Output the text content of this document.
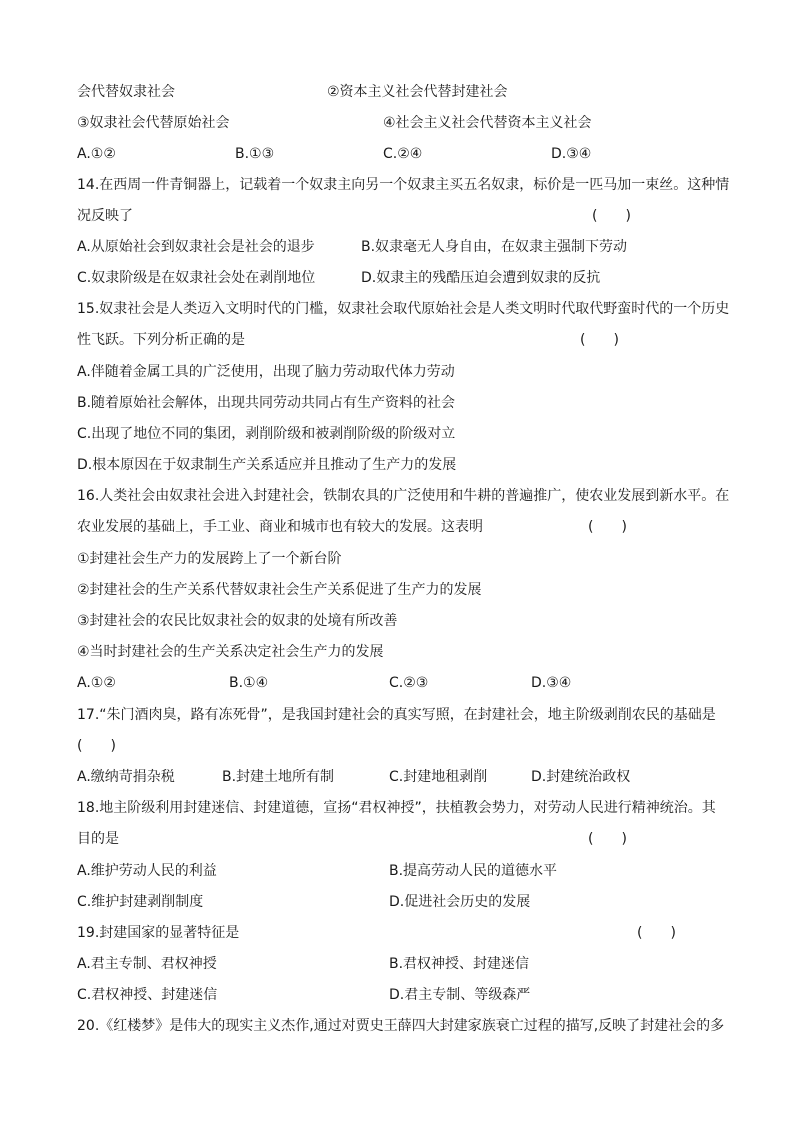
会代替奴隶社会	②资本主义社会代替封建社会
③奴隶社会代替原始社会	④社会主义社会代替资本主义社会
A.①②	B.①③	C.②④	D.③④
14.在西周一件青铜器上，记载着一个奴隶主向另一个奴隶主买五名奴隶，标价是一匹马加一束丝。这种情
况反映了	(　　)
A.从原始社会到奴隶社会是社会的退步	B.奴隶毫无人身自由，在奴隶主强制下劳动
C.奴隶阶级是在奴隶社会处在剥削地位	D.奴隶主的残酷压迫会遭到奴隶的反抗
15.奴隶社会是人类迈入文明时代的门槛，奴隶社会取代原始社会是人类文明时代取代野蛮时代的一个历史
性飞跃。下列分析正确的是	(　　)
A.伴随着金属工具的广泛使用，出现了脑力劳动取代体力劳动
B.随着原始社会解体，出现共同劳动共同占有生产资料的社会
C.出现了地位不同的集团，剥削阶级和被剥削阶级的阶级对立
D.根本原因在于奴隶制生产关系适应并且推动了生产力的发展
16.人类社会由奴隶社会进入封建社会，铁制农具的广泛使用和牛耕的普遍推广，使农业发展到新水平。在
农业发展的基础上，手工业、商业和城市也有较大的发展。这表明	(　　)
①封建社会生产力的发展跨上了一个新台阶
②封建社会的生产关系代替奴隶社会生产关系促进了生产力的发展
③封建社会的农民比奴隶社会的奴隶的处境有所改善
④当时封建社会的生产关系决定社会生产力的发展
A.①②	B.①④	C.②③	D.③④
17.“朱门酒肉臭，路有冻死骨”，是我国封建社会的真实写照，在封建社会，地主阶级剥削农民的基础是
(　　)
A.缴纳苛捐杂税	B.封建土地所有制	C.封建地租剥削	D.封建统治政权
18.地主阶级利用封建迷信、封建道德，宣扬“君权神授”，扶植教会势力，对劳动人民进行精神统治。其
目的是	(　　)
A.维护劳动人民的利益	B.提高劳动人民的道德水平
C.维护封建剥削制度	D.促进社会历史的发展
19.封建国家的显著特征是	(　　)
A.君主专制、君权神授	B.君权神授、封建迷信
C.君权神授、封建迷信	D.君主专制、等级森严
20.《红楼梦》是伟大的现实主义杰作,通过对贾史王薛四大封建家族衰亡过程的描写,反映了封建社会的多
